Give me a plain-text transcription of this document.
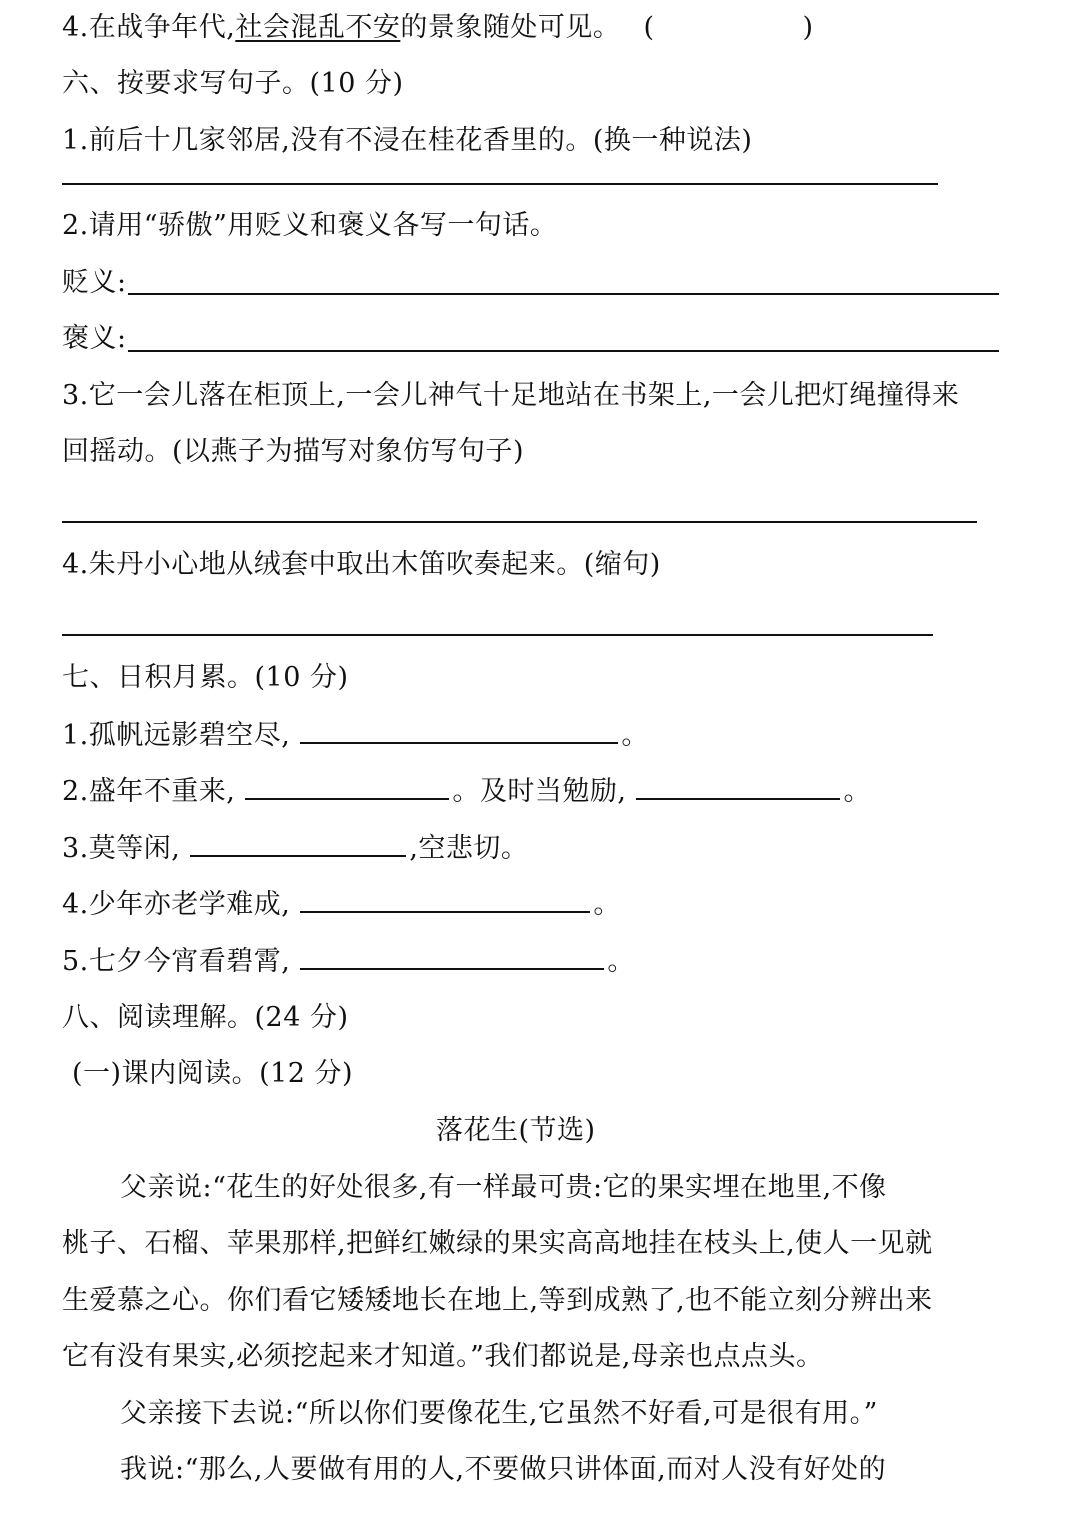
4.在战争年代,社会混乱不安的景象随处可见。 (	)
六、按要求写句子。(10 分)
1.前后十几家邻居,没有不浸在桂花香里的。(换一种说法)
2.请用“骄傲”用贬义和褒义各写一句话。
贬义:
褒义:
3.它一会儿落在柜顶上,一会儿神气十足地站在书架上,一会儿把灯绳撞得来
回摇动。(以燕子为描写对象仿写句子)
4.朱丹小心地从绒套中取出木笛吹奏起来。(缩句)
七、日积月累。(10 分)
1.孤帆远影碧空尽,	。
2.盛年不重来,	。及时当勉励,	。
3.莫等闲,	,空悲切。
4.少年亦老学难成,	。
5.七夕今宵看碧霄,	。
八、阅读理解。(24 分)
(一)课内阅读。(12 分)
落花生(节选)
父亲说:“花生的好处很多,有一样最可贵:它的果实埋在地里,不像
桃子、石榴、苹果那样,把鲜红嫩绿的果实高高地挂在枝头上,使人一见就
生爱慕之心。你们看它矮矮地长在地上,等到成熟了,也不能立刻分辨出来
它有没有果实,必须挖起来才知道。”我们都说是,母亲也点点头。
父亲接下去说:“所以你们要像花生,它虽然不好看,可是很有用。”
我说:“那么,人要做有用的人,不要做只讲体面,而对人没有好处的
